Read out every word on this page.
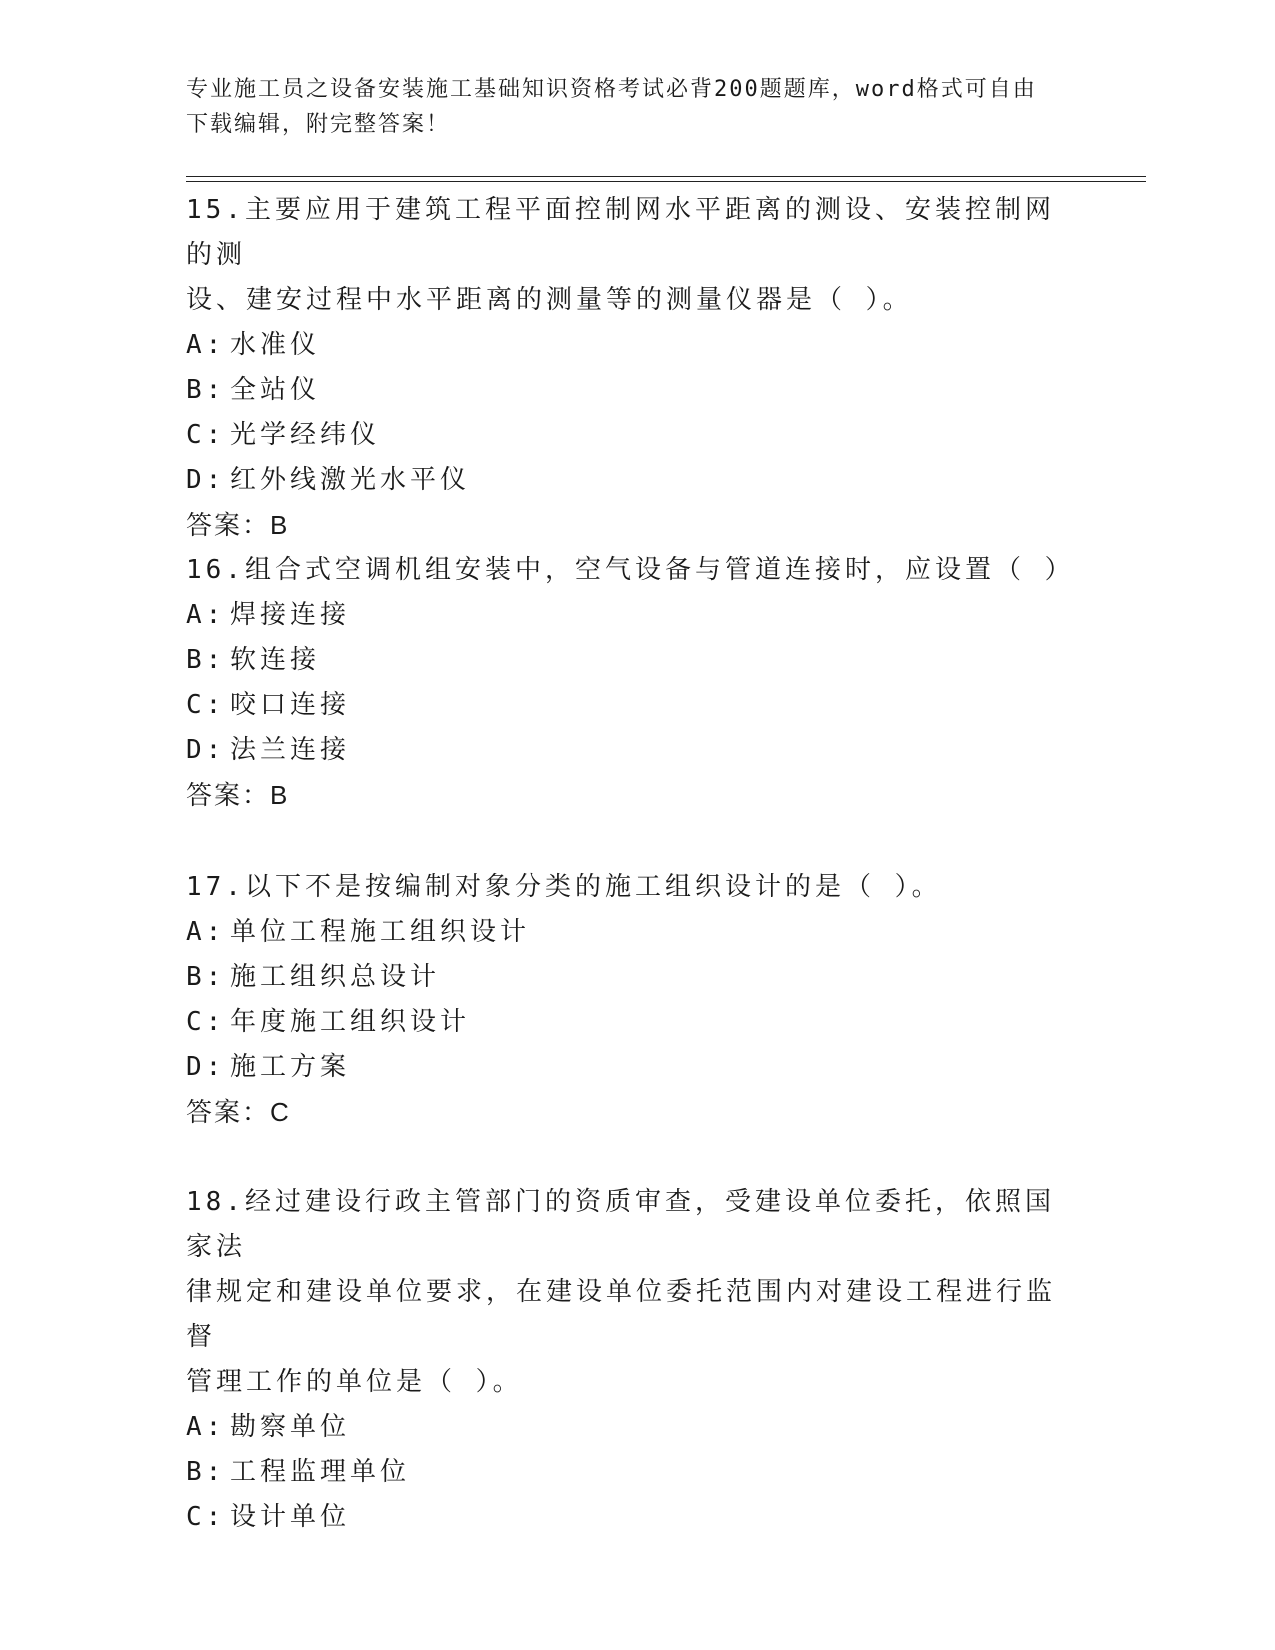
专业施工员之设备安装施工基础知识资格考试必背200题题库，word格式可自由
下载编辑，附完整答案！

15.主要应用于建筑工程平面控制网水平距离的测设、安装控制网的测

设、建安过程中水平距离的测量等的测量仪器是（ ）。

A: 水准仪

B: 全站仪

C: 光学经纬仪

D: 红外线激光水平仪

答案：B

16.组合式空调机组安装中，空气设备与管道连接时，应设置（ ）

A: 焊接连接

B: 软连接

C: 咬口连接

D: 法兰连接

答案：B

17.以下不是按编制对象分类的施工组织设计的是（ ）。

A: 单位工程施工组织设计

B: 施工组织总设计

C: 年度施工组织设计

D: 施工方案

答案：C

18.经过建设行政主管部门的资质审查，受建设单位委托，依照国家法

律规定和建设单位要求，在建设单位委托范围内对建设工程进行监督

管理工作的单位是（ ）。

A: 勘察单位

B: 工程监理单位

C: 设计单位
